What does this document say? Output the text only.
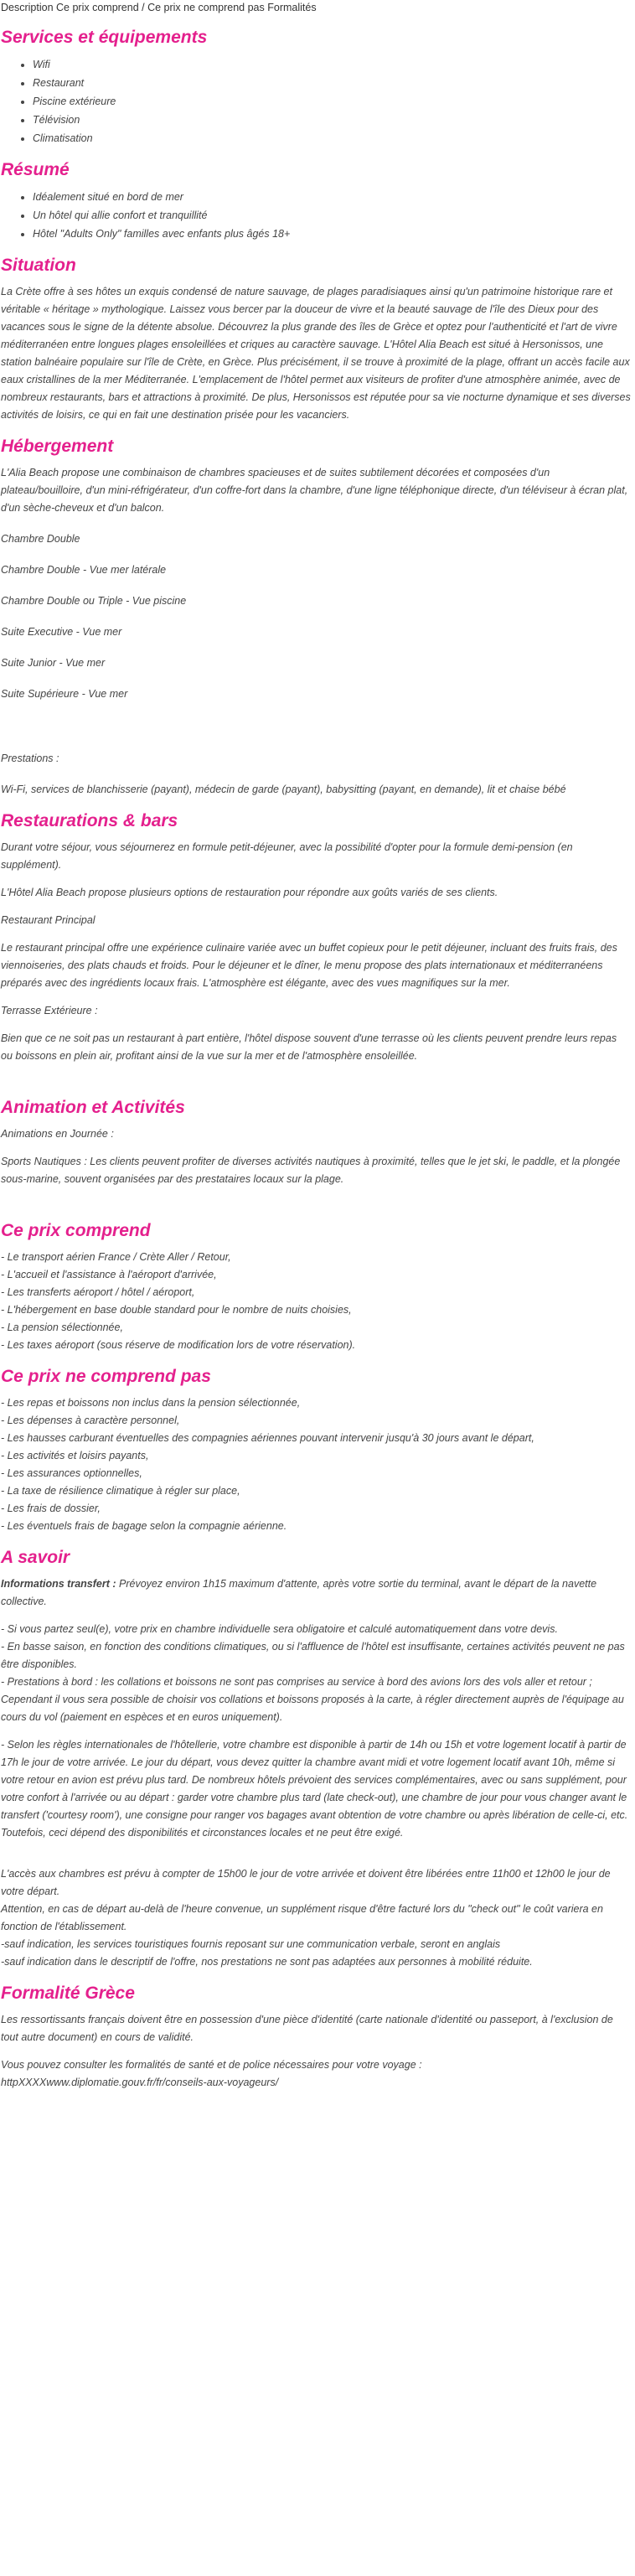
Description Ce prix comprend / Ce prix ne comprend pas Formalités
Services et équipements
• Wifi
• Restaurant
• Piscine extérieure
• Télévision
• Climatisation
Résumé
• Idéalement situé en bord de mer
• Un hôtel qui allie confort et tranquillité
• Hôtel "Adults Only" familles avec enfants plus âgés 18+
Situation

La Crète offre à ses hôtes un exquis condensé de nature sauvage, de plages paradisiaques ainsi qu'un patrimoine historique rare et véritable « héritage » mythologique. Laissez vous bercer par la douceur de vivre et la beauté sauvage de l'île des Dieux pour des vacances sous le signe de la détente absolue. Découvrez la plus grande des îles de Grèce et optez pour l'authenticité et l'art de vivre méditerranéen entre longues plages ensoleillées et criques au caractère sauvage. L'Hôtel Alia Beach est situé à Hersonissos, une station balnéaire populaire sur l'île de Crète, en Grèce. Plus précisément, il se trouve à proximité de la plage, offrant un accès facile aux eaux cristallines de la mer Méditerranée. L'emplacement de l'hôtel permet aux visiteurs de profiter d'une atmosphère animée, avec de nombreux restaurants, bars et attractions à proximité. De plus, Hersonissos est réputée pour sa vie nocturne dynamique et ses diverses activités de loisirs, ce qui en fait une destination prisée pour les vacanciers.

Hébergement

L'Alia Beach propose une combinaison de chambres spacieuses et de suites subtilement décorées et composées d'un plateau/bouilloire, d'un mini-réfrigérateur, d'un coffre-fort dans la chambre, d'une ligne téléphonique directe, d'un téléviseur à écran plat, d'un sèche-cheveux et d'un balcon.

Chambre Double
Chambre Double - Vue mer latérale
Chambre Double ou Triple - Vue piscine
Suite Executive - Vue mer
Suite Junior - Vue mer
Suite Supérieure - Vue mer
Prestations :

Wi-Fi, services de blanchisserie (payant), médecin de garde (payant), babysitting (payant, en demande), lit et chaise bébé

Restaurations & bars

Durant votre séjour, vous séjournerez en formule petit-déjeuner, avec la possibilité d'opter pour la formule demi-pension (en supplément).

L'Hôtel Alia Beach propose plusieurs options de restauration pour répondre aux goûts variés de ses clients.

Restaurant Principal

Le restaurant principal offre une expérience culinaire variée avec un buffet copieux pour le petit déjeuner, incluant des fruits frais, des viennoiseries, des plats chauds et froids. Pour le déjeuner et le dîner, le menu propose des plats internationaux et méditerranéens préparés avec des ingrédients locaux frais. L'atmosphère est élégante, avec des vues magnifiques sur la mer.

Terrasse Extérieure :

Bien que ce ne soit pas un restaurant à part entière, l'hôtel dispose souvent d'une terrasse où les clients peuvent prendre leurs repas ou boissons en plein air, profitant ainsi de la vue sur la mer et de l'atmosphère ensoleillée.

Animation et Activités

Animations en Journée :

Sports Nautiques : Les clients peuvent profiter de diverses activités nautiques à proximité, telles que le jet ski, le paddle, et la plongée sous-marine, souvent organisées par des prestataires locaux sur la plage.

Ce prix comprend
- Le transport aérien France / Crète Aller / Retour,
- L'accueil et l'assistance à l'aéroport d'arrivée,
- Les transferts aéroport / hôtel / aéroport,
- L'hébergement en base double standard pour le nombre de nuits choisies,
- La pension sélectionnée,
- Les taxes aéroport (sous réserve de modification lors de votre réservation).
Ce prix ne comprend pas
- Les repas et boissons non inclus dans la pension sélectionnée,
- Les dépenses à caractère personnel,
- Les hausses carburant éventuelles des compagnies aériennes pouvant intervenir jusqu'à 30 jours avant le départ,
- Les activités et loisirs payants,
- Les assurances optionnelles,
- La taxe de résilience climatique à régler sur place,
- Les frais de dossier,
- Les éventuels frais de bagage selon la compagnie aérienne.
A savoir

Informations transfert : Prévoyez environ 1h15 maximum d'attente, après votre sortie du terminal, avant le départ de la navette collective.

- Si vous partez seul(e), votre prix en chambre individuelle sera obligatoire et calculé automatiquement dans votre devis.
- En basse saison, en fonction des conditions climatiques, ou si l'affluence de l'hôtel est insuffisante, certaines activités peuvent ne pas être disponibles.
- Prestations à bord : les collations et boissons ne sont pas comprises au service à bord des avions lors des vols aller et retour ; Cependant il vous sera possible de choisir vos collations et boissons proposés à la carte, à régler directement auprès de l'équipage au cours du vol (paiement en espèces et en euros uniquement).

- Selon les règles internationales de l'hôtellerie, votre chambre est disponible à partir de 14h ou 15h et votre logement locatif à partir de 17h le jour de votre arrivée. Le jour du départ, vous devez quitter la chambre avant midi et votre logement locatif avant 10h, même si votre retour en avion est prévu plus tard. De nombreux hôtels prévoient des services complémentaires, avec ou sans supplément, pour votre confort à l'arrivée ou au départ : garder votre chambre plus tard (late check-out), une chambre de jour pour vous changer avant le transfert ('courtesy room'), une consigne pour ranger vos bagages avant obtention de votre chambre ou après libération de celle-ci, etc. Toutefois, ceci dépend des disponibilités et circonstances locales et ne peut être exigé.

L'accès aux chambres est prévu à compter de 15h00 le jour de votre arrivée et doivent être libérées entre 11h00 et 12h00 le jour de votre départ.
Attention, en cas de départ au-delà de l'heure convenue, un supplément risque d'être facturé lors du "check out" le coût variera en fonction de l'établissement.
-sauf indication, les services touristiques fournis reposant sur une communication verbale, seront en anglais
-sauf indication dans le descriptif de l'offre, nos prestations ne sont pas adaptées aux personnes à mobilité réduite.
Formalité Grèce

Les ressortissants français doivent être en possession d'une pièce d'identité (carte nationale d'identité ou passeport, à l'exclusion de tout autre document) en cours de validité.

Vous pouvez consulter les formalités de santé et de police nécessaires pour votre voyage :

httpXXXXwww.diplomatie.gouv.fr/fr/conseils-aux-voyageurs/
